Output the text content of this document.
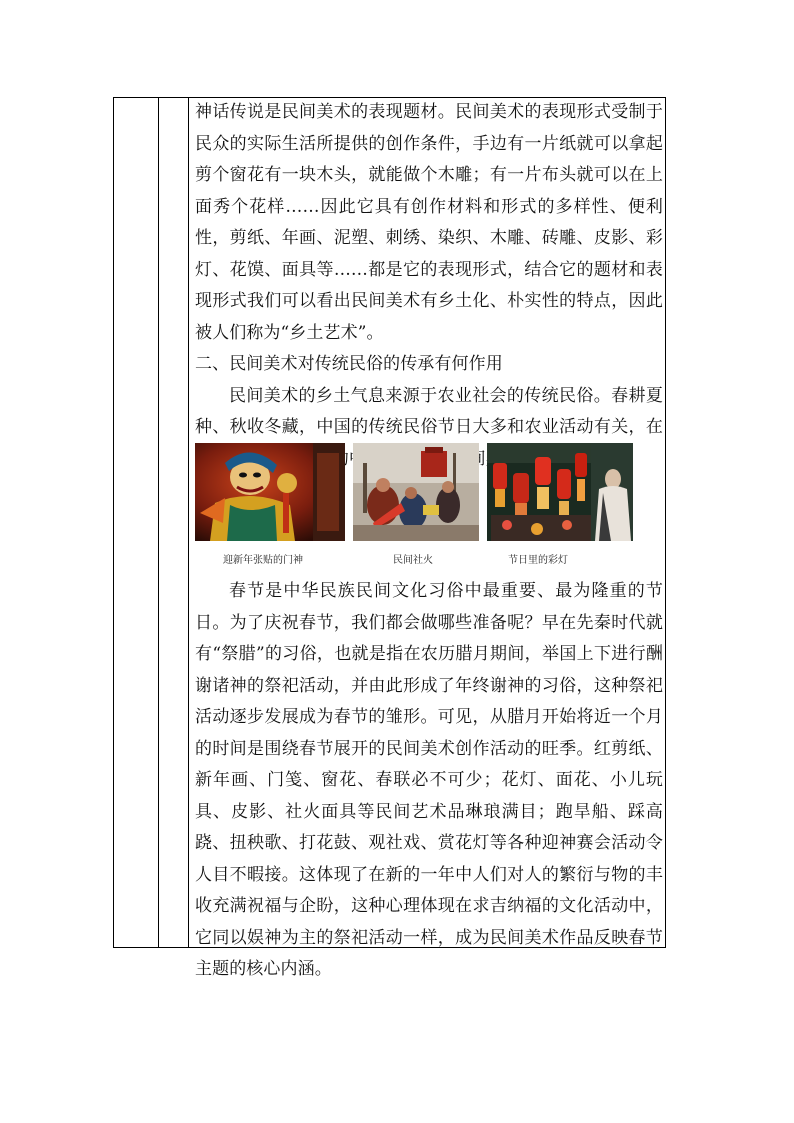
神话传说是民间美术的表现题材。民间美术的表现形式受制于民众的实际生活所提供的创作条件，手边有一片纸就可以拿起剪个窗花有一块木头，就能做个木雕；有一片布头就可以在上面秀个花样……因此它具有创作材料和形式的多样性、便利性，剪纸、年画、泥塑、刺绣、染织、木雕、砖雕、皮影、彩灯、花馍、面具等……都是它的表现形式，结合它的题材和表现形式我们可以看出民间美术有乡土化、朴实性的特点，因此被人们称为“乡土艺术”。

二、民间美术对传统民俗的传承有何作用

民间美术的乡土气息来源于农业社会的传统民俗。春耕夏种、秋收冬藏，中国的传统民俗节日大多和农业活动有关，在 动中 间美

迎新年张贴的门神	民间社火	节日里的彩灯

春节是中华民族民间文化习俗中最重要、最为隆重的节日。为了庆祝春节，我们都会做哪些准备呢？早在先秦时代就有“祭腊”的习俗，也就是指在农历腊月期间，举国上下进行酬谢诸神的祭祀活动，并由此形成了年终谢神的习俗，这种祭祀活动逐步发展成为春节的雏形。可见，从腊月开始将近一个月的时间是围绕春节展开的民间美术创作活动的旺季。红剪纸、新年画、门笺、窗花、春联必不可少；花灯、面花、小儿玩具、皮影、社火面具等民间艺术品琳琅满目；跑旱船、踩高跷、扭秧歌、打花鼓、观社戏、赏花灯等各种迎神赛会活动令人目不暇接。这体现了在新的一年中人们对人的繁衍与物的丰收充满祝福与企盼，这种心理体现在求吉纳福的文化活动中，它同以娱神为主的祭祀活动一样，成为民间美术作品反映春节主题的核心内涵。
